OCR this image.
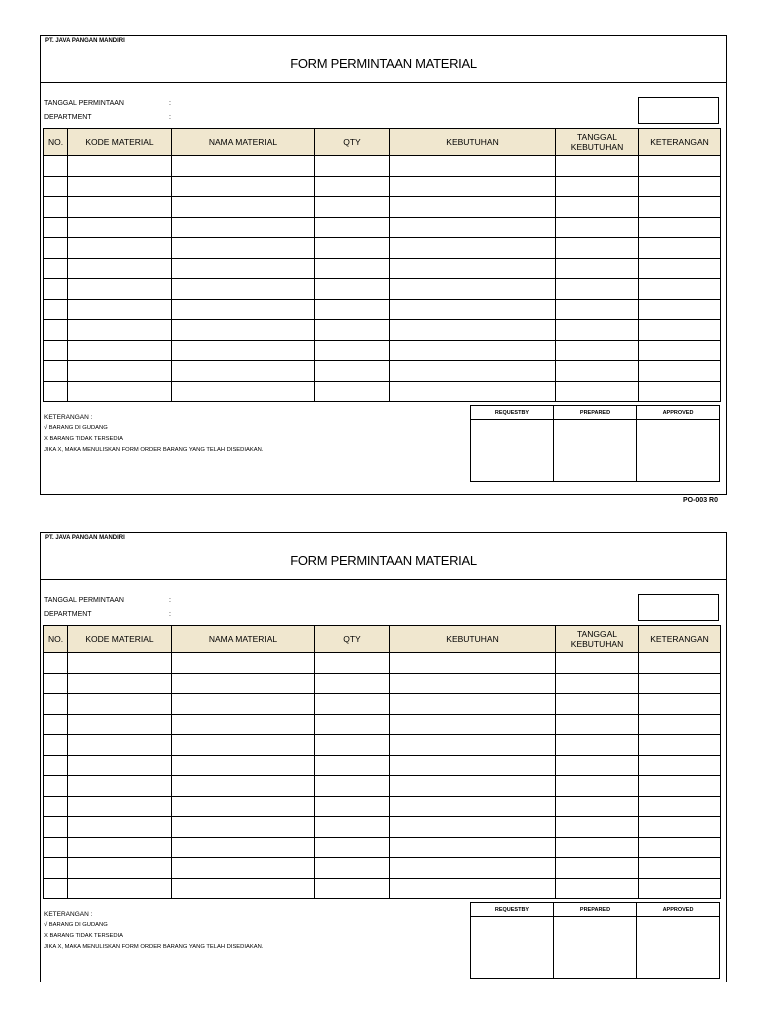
PT. JAVA PANGAN MANDIRI
FORM PERMINTAAN MATERIAL
TANGGAL PERMINTAAN	:
DEPARTMENT	:
NO.	KODE MATERIAL	NAMA MATERIAL	QTY	KEBUTUHAN	TANGGAL KEBUTUHAN	KETERANGAN

KETERANGAN :
√ BARANG DI GUDANG
X BARANG TIDAK TERSEDIA
JIKA X, MAKA MENULISKAN FORM ORDER BARANG YANG TELAH DISEDIAKAN.
REQUESTBY	PREPARED	APPROVED

PO-003 R0
PT. JAVA PANGAN MANDIRI
FORM PERMINTAAN MATERIAL
TANGGAL PERMINTAAN	:
DEPARTMENT	:
NO.	KODE MATERIAL	NAMA MATERIAL	QTY	KEBUTUHAN	TANGGAL KEBUTUHAN	KETERANGAN

KETERANGAN :
√ BARANG DI GUDANG
X BARANG TIDAK TERSEDIA
JIKA X, MAKA MENULISKAN FORM ORDER BARANG YANG TELAH DISEDIAKAN.
REQUESTBY	PREPARED	APPROVED
